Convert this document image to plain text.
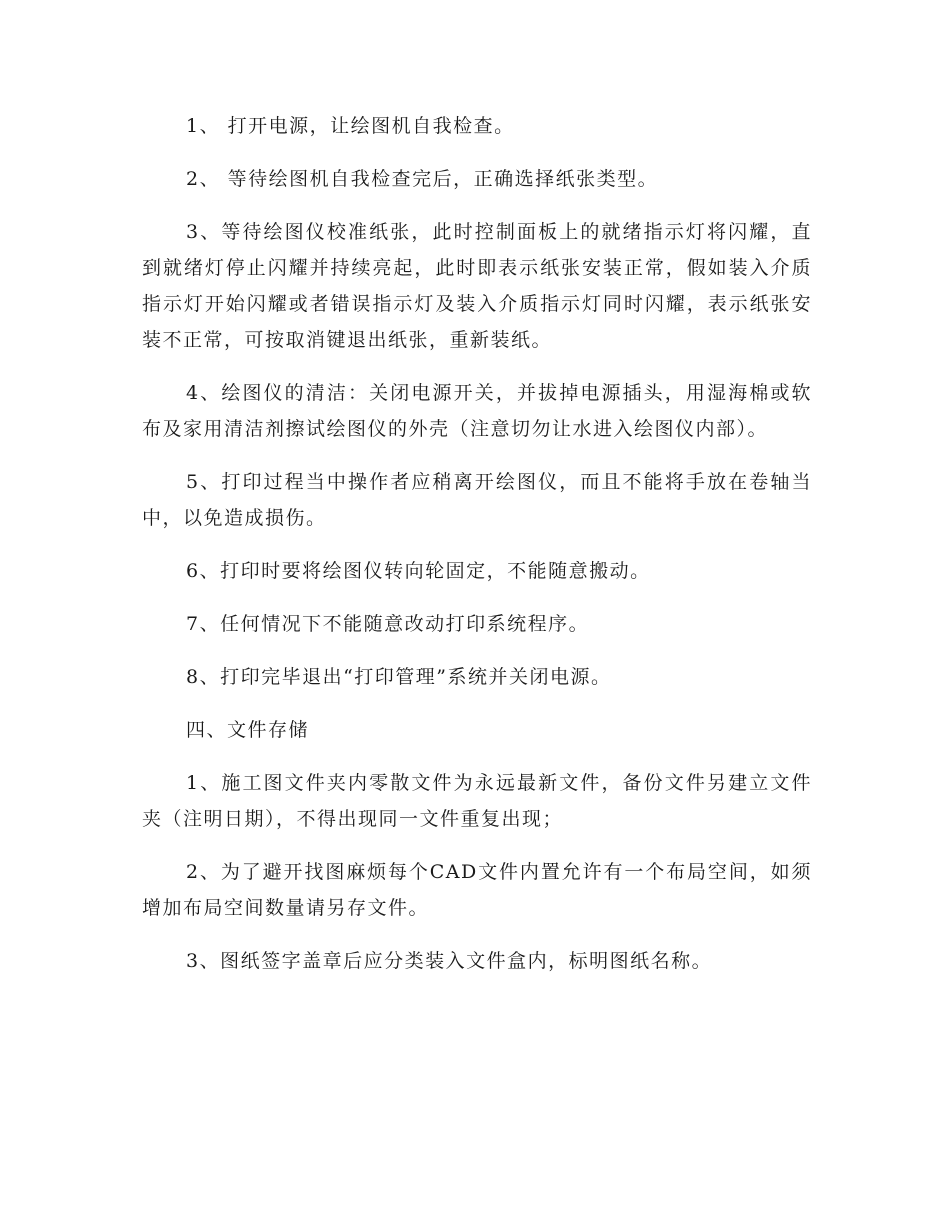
1、 打开电源，让绘图机自我检查。

2、 等待绘图机自我检查完后，正确选择纸张类型。

3、等待绘图仪校准纸张，此时控制面板上的就绪指示灯将闪耀，直到就绪灯停止闪耀并持续亮起，此时即表示纸张安装正常，假如装入介质指示灯开始闪耀或者错误指示灯及装入介质指示灯同时闪耀，表示纸张安装不正常，可按取消键退出纸张，重新装纸。

4、绘图仪的清洁：关闭电源开关，并拔掉电源插头，用湿海棉或软布及家用清洁剂擦试绘图仪的外壳（注意切勿让水进入绘图仪内部）。

5、打印过程当中操作者应稍离开绘图仪，而且不能将手放在卷轴当中，以免造成损伤。

6、打印时要将绘图仪转向轮固定，不能随意搬动。

7、任何情况下不能随意改动打印系统程序。

8、打印完毕退出“打印管理”系统并关闭电源。

四、文件存储

1、施工图文件夹内零散文件为永远最新文件，备份文件另建立文件夹（注明日期），不得出现同一文件重复出现；

2、为了避开找图麻烦每个CAD文件内置允许有一个布局空间，如须增加布局空间数量请另存文件。

3、图纸签字盖章后应分类装入文件盒内，标明图纸名称。
